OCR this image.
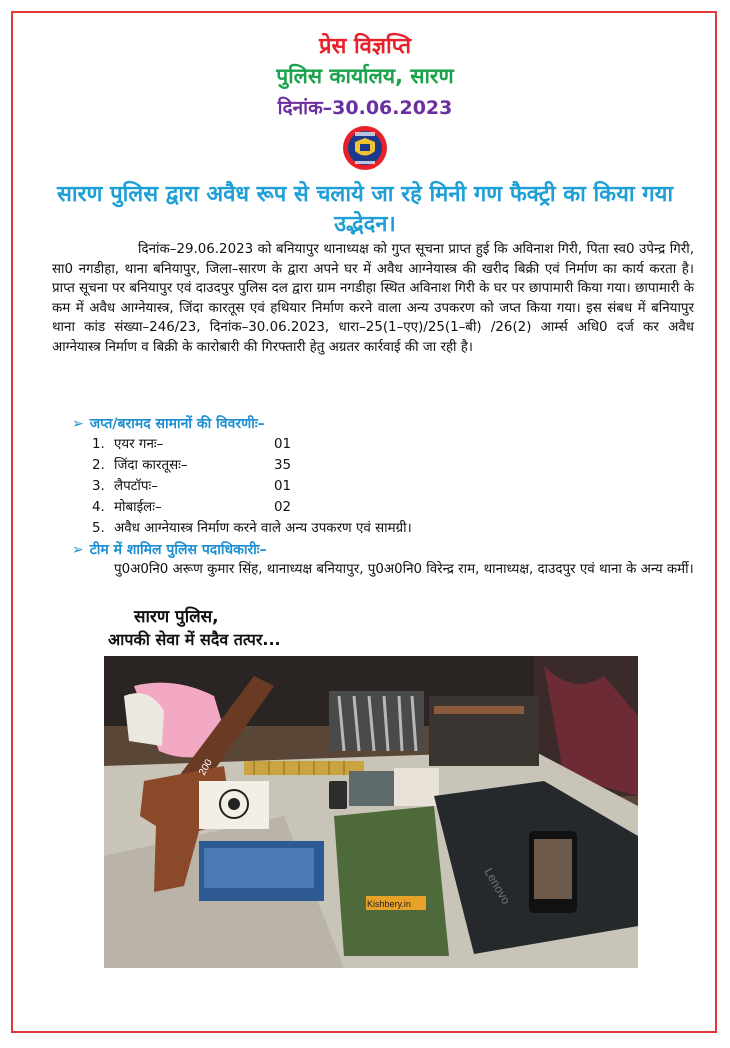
प्रेस विज्ञप्ति
पुलिस कार्यालय, सारण
दिनांक–30.06.2023
सारण पुलिस द्वारा अवैध रूप से चलाये जा रहे मिनी गण फैक्ट्री का किया गया उद्भेदन।

दिनांक–29.06.2023 को बनियापुर थानाध्यक्ष को गुप्त सूचना प्राप्त हुई कि अविनाश गिरी, पिता स्व0 उपेन्द्र गिरी, सा0 नगडीहा, थाना बनियापुर, जिला–सारण के द्वारा अपने घर में अवैध आग्नेयास्त्र की खरीद बिक्री एवं निर्माण का कार्य करता है। प्राप्त सूचना पर बनियापुर एवं दाउदपुर पुलिस दल द्वारा ग्राम नगडीहा स्थित अविनाश गिरी के घर पर छापामारी किया गया। छापामारी के कम में अवैध आग्नेयास्त्र, जिंदा कारतूस एवं हथियार निर्माण करने वाला अन्य उपकरण को जप्त किया गया। इस संबध में बनियापुर थाना कांड संख्या–246/23, दिनांक–30.06.2023, धारा–25(1–एए)/25(1–बी) /26(2) आर्म्स अधि0 दर्ज कर अवैध आग्नेयास्त्र निर्माण व बिक्री के कारोबारी की गिरफ्तारी हेतु अग्रतर कार्रवाई की जा रही है।

➢ जप्त/बरामद सामानों की विवरणीः–
1. एयर गनः–	01
2. जिंदा कारतूसः–	35
3. लैपटॉपः–	01
4. मोबाईलः–	02
5. अवैध आग्नेयास्त्र निर्माण करने वाले अन्य उपकरण एवं सामग्री।
➢ टीम में शामिल पुलिस पदाधिकारीः–
पु0अ0नि0 अरूण कुमार सिंह, थानाध्यक्ष बनियापुर, पु0अ0नि0 विरेन्द्र राम, थानाध्यक्ष, दाउदपुर एवं थाना के अन्य कर्मी।
सारण पुलिस,
आपकी सेवा में सदैव तत्पर...
200
Kishbery.in	Lenovo
